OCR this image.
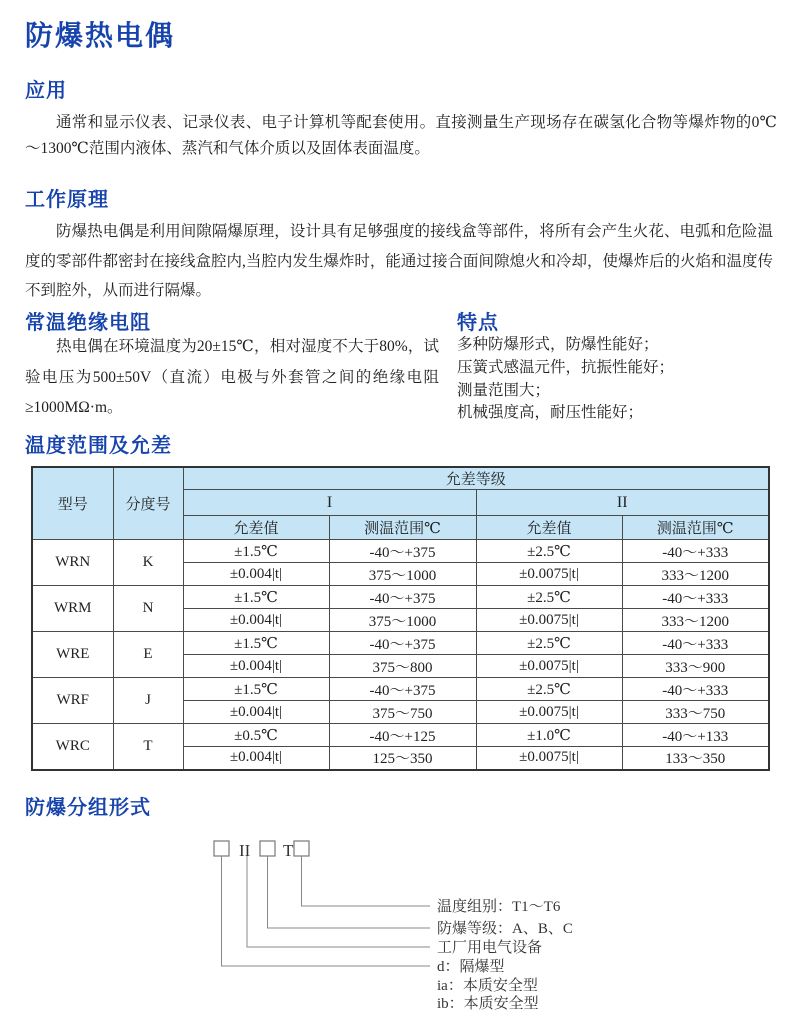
防爆热电偶
应用

通常和显示仪表、记录仪表、电子计算机等配套使用。直接测量生产现场存在碳氢化合物等爆炸物的0℃～1300℃范围内液体、蒸汽和气体介质以及固体表面温度。

工作原理

防爆热电偶是利用间隙隔爆原理，设计具有足够强度的接线盒等部件，将所有会产生火花、电弧和危险温度的零部件都密封在接线盒腔内,当腔内发生爆炸时，能通过接合面间隙熄火和冷却，使爆炸后的火焰和温度传不到腔外，从而进行隔爆。

常温绝缘电阻

热电偶在环境温度为20±15℃，相对湿度不大于80%，试验电压为500±50V（直流）电极与外套管之间的绝缘电阻≥1000MΩ·m。

特点
多种防爆形式，防爆性能好；
压簧式感温元件，抗振性能好；
测量范围大；
机械强度高，耐压性能好；
温度范围及允差
型号	分度号	允差等级			
		I		II	
		允差值	测温范围℃	允差值	测温范围℃
WRN	K	±1.5℃	-40～+375	±2.5℃	-40～+333
		±0.004|t|	375～1000	±0.0075|t|	333～1200
WRM	N	±1.5℃	-40～+375	±2.5℃	-40～+333
		±0.004|t|	375～1000	±0.0075|t|	333～1200
WRE	E	±1.5℃	-40～+375	±2.5℃	-40～+333
		±0.004|t|	375～800	±0.0075|t|	333～900
WRF	J	±1.5℃	-40～+375	±2.5℃	-40～+333
		±0.004|t|	375～750	±0.0075|t|	333～750
WRC	T	±0.5℃	-40～+125	±1.0℃	-40～+133
		±0.004|t|	125～350	±0.0075|t|	133～350
防爆分组形式
II T
温度组别：T1～T6
防爆等级：A、B、C
工厂用电气设备
d：隔爆型
ia：本质安全型
ib：本质安全型
